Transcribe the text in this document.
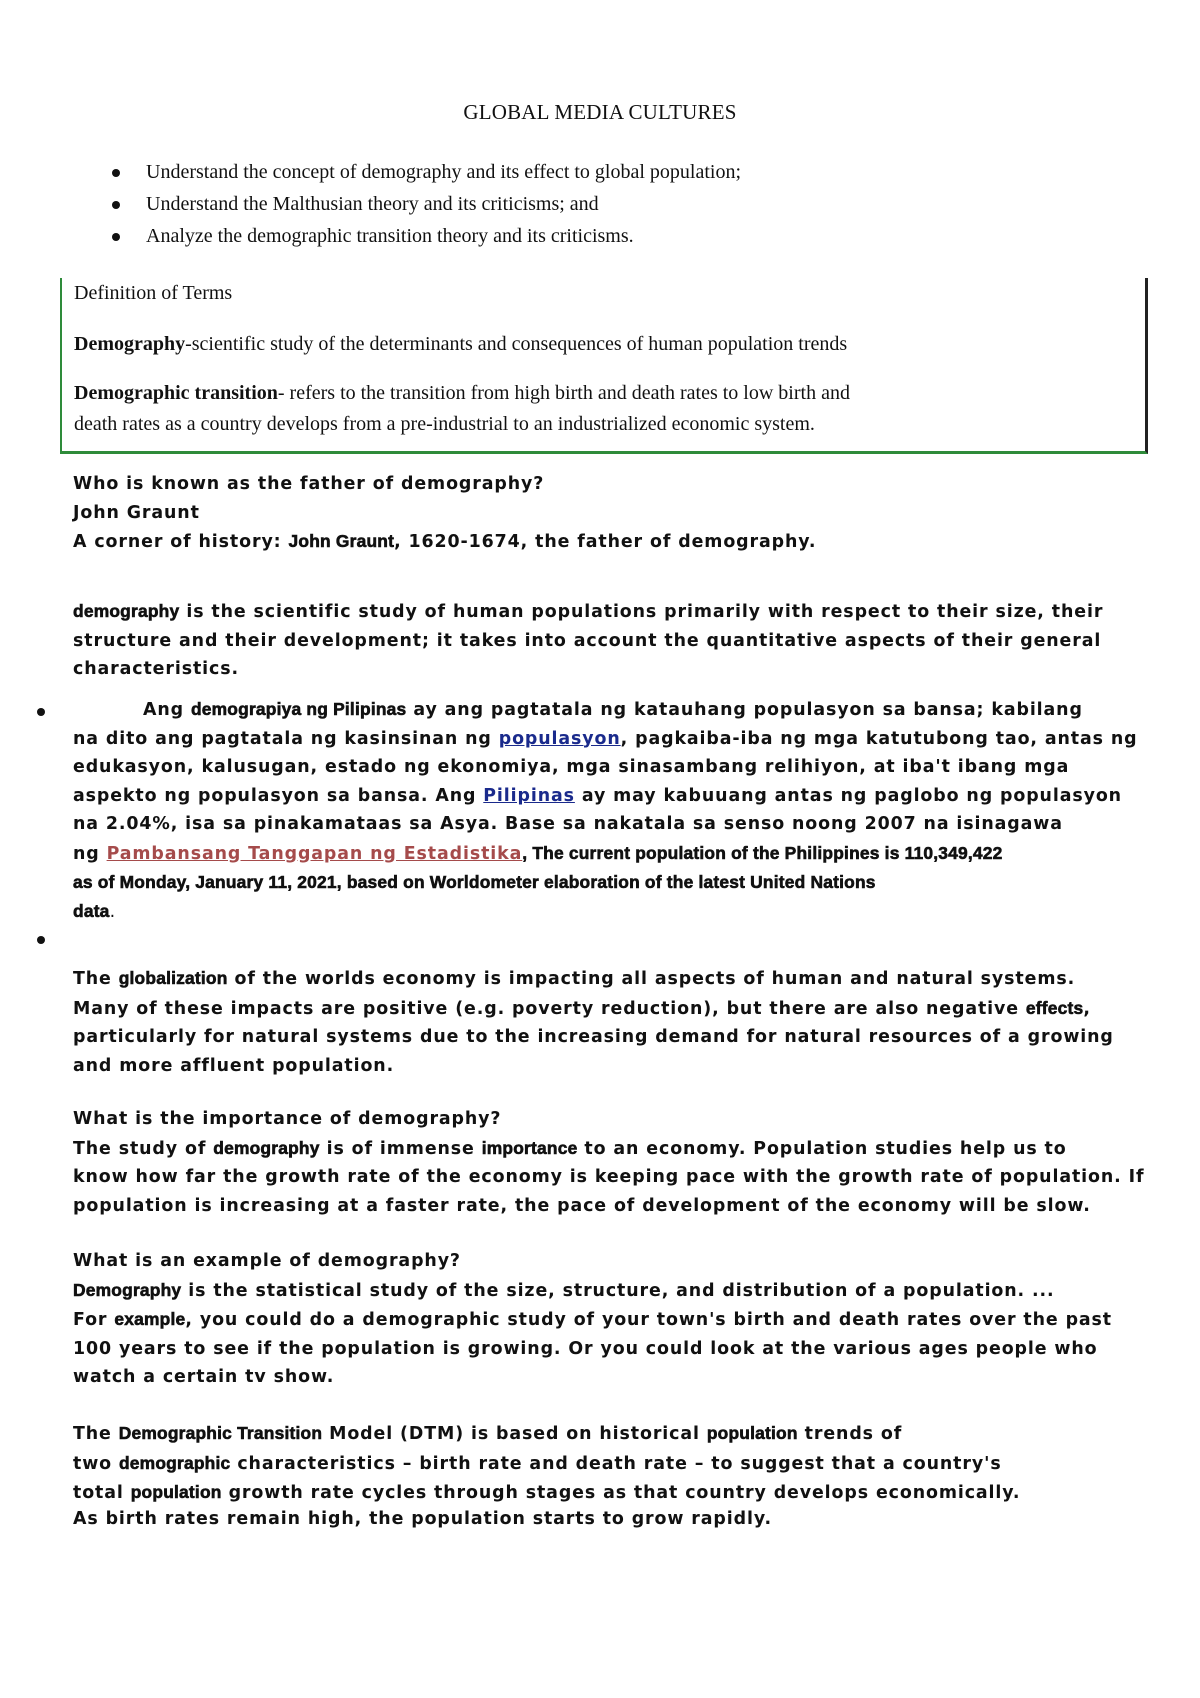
GLOBAL MEDIA CULTURES
Understand the concept of demography and its effect to global population;
Understand the Malthusian theory and its criticisms; and
Analyze the demographic transition theory and its criticisms.
Definition of Terms
Demography-scientific study of the determinants and consequences of human population trends
Demographic transition- refers to the transition from high birth and death rates to low birth and
death rates as a country develops from a pre-industrial to an industrialized economic system.

Who is known as the father of demography?

John Graunt

A corner of history: John Graunt, 1620-1674, the father of demography.

demography is the scientific study of human populations primarily with respect to their size, their

structure and their development; it takes into account the quantitative aspects of their general

characteristics.

Ang demograpiya ng Pilipinas ay ang pagtatala ng katauhang populasyon sa bansa; kabilang

na dito ang pagtatala ng kasinsinan ng populasyon, pagkaiba-iba ng mga katutubong tao, antas ng

edukasyon, kalusugan, estado ng ekonomiya, mga sinasambang relihiyon, at iba't ibang mga

aspekto ng populasyon sa bansa. Ang Pilipinas ay may kabuuang antas ng paglobo ng populasyon

na 2.04%, isa sa pinakamataas sa Asya. Base sa nakatala sa senso noong 2007 na isinagawa

ng Pambansang Tanggapan ng Estadistika, The current population of the Philippines is 110,349,422

as of Monday, January 11, 2021, based on Worldometer elaboration of the latest United Nations

data.

The globalization of the worlds economy is impacting all aspects of human and natural systems.

Many of these impacts are positive (e.g. poverty reduction), but there are also negative effects,

particularly for natural systems due to the increasing demand for natural resources of a growing

and more affluent population.

What is the importance of demography?

The study of demography is of immense importance to an economy. Population studies help us to

know how far the growth rate of the economy is keeping pace with the growth rate of population. If

population is increasing at a faster rate, the pace of development of the economy will be slow.

What is an example of demography?

Demography is the statistical study of the size, structure, and distribution of a population. ...

For example, you could do a demographic study of your town's birth and death rates over the past

100 years to see if the population is growing. Or you could look at the various ages people who

watch a certain tv show.

The Demographic Transition Model (DTM) is based on historical population trends of

two demographic characteristics – birth rate and death rate – to suggest that a country's

total population growth rate cycles through stages as that country develops economically.

As birth rates remain high, the population starts to grow rapidly.
